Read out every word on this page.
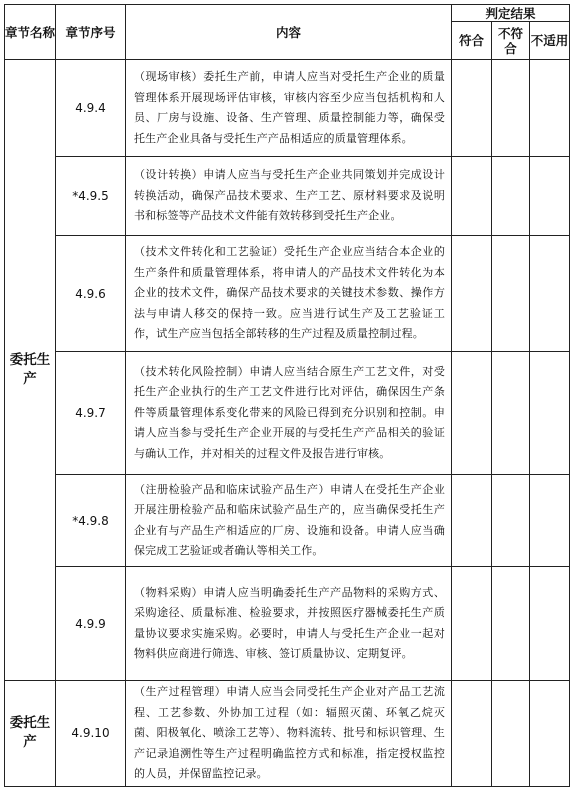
章节名称	章节序号	内容	判定结果		
			符合	不符合	不适用
委托生产	4.9.4	（现场审核）委托生产前，申请人应当对受托生产企业的质量管理体系开展现场评估审核，审核内容至少应当包括机构和人员、厂房与设施、设备、生产管理、质量控制能力等，确保受托生产企业具备与受托生产产品相适应的质量管理体系。			
	*4.9.5	（设计转换）申请人应当与受托生产企业共同策划并完成设计转换活动，确保产品技术要求、生产工艺、原材料要求及说明书和标签等产品技术文件能有效转移到受托生产企业。			
	4.9.6	（技术文件转化和工艺验证）受托生产企业应当结合本企业的生产条件和质量管理体系，将申请人的产品技术文件转化为本企业的技术文件，确保产品技术要求的关键技术参数、操作方法与申请人移交的保持一致。应当进行试生产及工艺验证工作，试生产应当包括全部转移的生产过程及质量控制过程。			
	4.9.7	（技术转化风险控制）申请人应当结合原生产工艺文件，对受托生产企业执行的生产工艺文件进行比对评估，确保因生产条件等质量管理体系变化带来的风险已得到充分识别和控制。申请人应当参与受托生产企业开展的与受托生产产品相关的验证与确认工作，并对相关的过程文件及报告进行审核。			
	*4.9.8	（注册检验产品和临床试验产品生产）申请人在受托生产企业开展注册检验产品和临床试验产品生产的，应当确保受托生产企业有与产品生产相适应的厂房、设施和设备。申请人应当确保完成工艺验证或者确认等相关工作。			
	4.9.9	（物料采购）申请人应当明确委托生产产品物料的采购方式、采购途径、质量标准、检验要求，并按照医疗器械委托生产质量协议要求实施采购。必要时，申请人与受托生产企业一起对物料供应商进行筛选、审核、签订质量协议、定期复评。			
委托生产	4.9.10	（生产过程管理）申请人应当会同受托生产企业对产品工艺流程、工艺参数、外协加工过程（如：辐照灭菌、环氧乙烷灭菌、阳极氧化、喷涂工艺等）、物料流转、批号和标识管理、生产记录追溯性等生产过程明确监控方式和标准，指定授权监控的人员，并保留监控记录。			
